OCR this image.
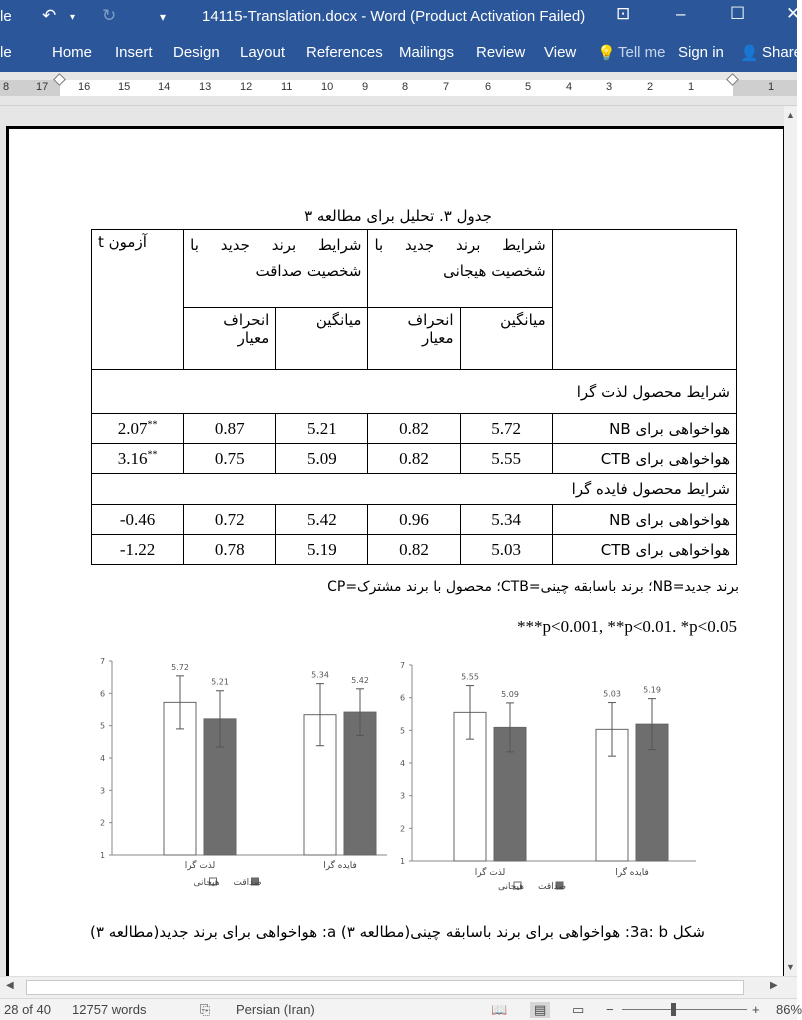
le ↶ ▾ ↻	▾ 14115-Translation.docx - Word (Product Activation Failed) ⊡	–	☐ ✕
le	Home Insert Design Layout References Mailings Review View 💡 Tell me Sign in 👤 Share
8 17	16	15	14	13	12	11	10	9	8	7	6	5	4	3	2	1	1
جدول ۳. تحلیل برای مطالعه ۳
	شرایط برند جدید با شخصیت هیجانی		شرایط برند جدید با شخصیت صداقت		آزمون t
	میانگین	انحراف معیار	میانگین	انحراف معیار	
شرایط محصول لذت گرا					
هواخواهی برای NB	5.72	0.82	5.21	0.87	2.07**
هواخواهی برای CTB	5.55	0.82	5.09	0.75	3.16**
شرایط محصول فایده گرا					
هواخواهی برای NB	5.34	0.96	5.42	0.72	-0.46
هواخواهی برای CTB	5.03	0.82	5.19	0.78	-1.22
برند جدید=NB؛ برند باسابقه چینی=CTB؛ محصول با برند مشترک=CP
***p<0.001, **p<0.01. *p<0.05
1
2
3
4
5
6
7
5.72
5.21
لذت گرا
5.34
5.42
فایده گرا
هیجانی صداقت
1
2
3
4
5
6
7
5.55
5.09
لذت گرا
5.03	5.19
فایده گرا
هیجانی صداقت
شکل 3a: b: هواخواهی برای برند باسابقه چینی(مطالعه ۳) a: هواخواهی برای برند جدید(مطالعه ۳)
▲
▼
◀	▶
28 of 40 12757 words	⎘ Persian (Iran)	📖	▤	▭ −	+ 86%
